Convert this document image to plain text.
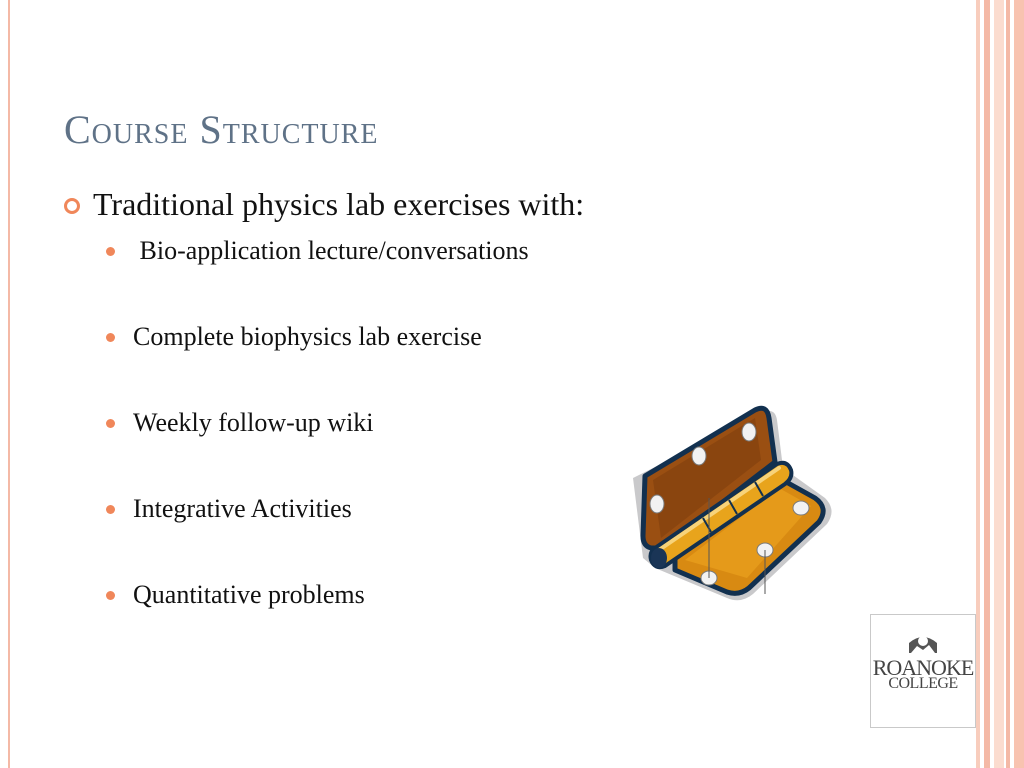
Course Structure
Traditional physics lab exercises with:
Bio-application lecture/conversations
Complete biophysics lab exercise
Weekly follow-up wiki
Integrative Activities
Quantitative problems
ROANOKE
COLLEGE
